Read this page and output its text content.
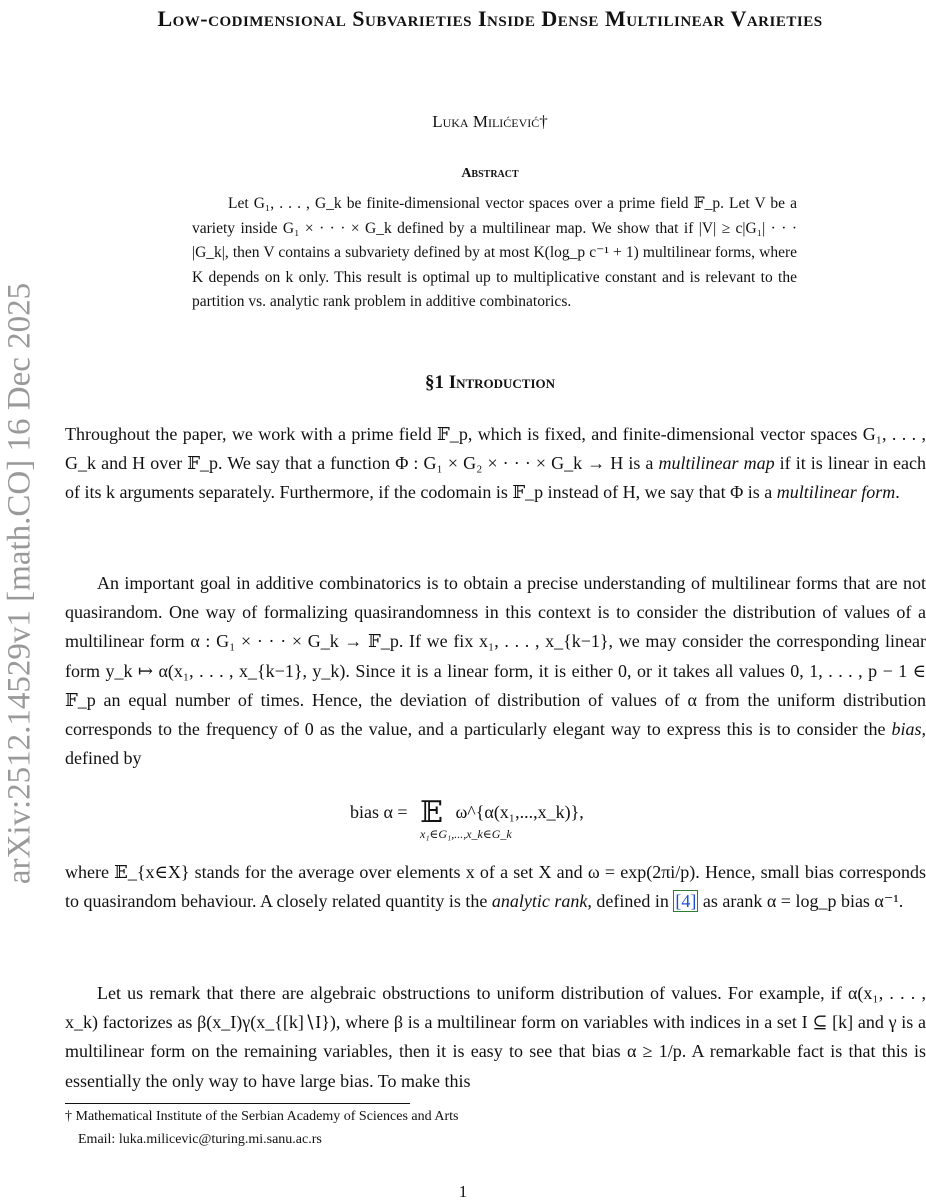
arXiv:2512.14529v1 [math.CO] 16 Dec 2025
Low-codimensional Subvarieties Inside Dense Multilinear Varieties
Luka Milićević†
Abstract

Let G₁, . . . , G_k be finite-dimensional vector spaces over a prime field 𝔽_p. Let V be a variety inside G₁ × · · · × G_k defined by a multilinear map. We show that if |V| ≥ c|G₁| · · · |G_k|, then V contains a subvariety defined by at most K(log_p c⁻¹ + 1) multilinear forms, where K depends on k only. This result is optimal up to multiplicative constant and is relevant to the partition vs. analytic rank problem in additive combinatorics.

§1 Introduction

Throughout the paper, we work with a prime field 𝔽_p, which is fixed, and finite-dimensional vector spaces G₁, . . . , G_k and H over 𝔽_p. We say that a function Φ : G₁ × G₂ × · · · × G_k → H is a multilinear map if it is linear in each of its k arguments separately. Furthermore, if the codomain is 𝔽_p instead of H, we say that Φ is a multilinear form.

An important goal in additive combinatorics is to obtain a precise understanding of multilinear forms that are not quasirandom. One way of formalizing quasirandomness in this context is to consider the distribution of values of a multilinear form α : G₁ × · · · × G_k → 𝔽_p. If we fix x₁, . . . , x_{k−1}, we may consider the corresponding linear form y_k ↦ α(x₁, . . . , x_{k−1}, y_k). Since it is a linear form, it is either 0, or it takes all values 0, 1, . . . , p − 1 ∈ 𝔽_p an equal number of times. Hence, the deviation of distribution of values of α from the uniform distribution corresponds to the frequency of 0 as the value, and a particularly elegant way to express this is to consider the bias, defined by

bias α = 𝔼 ω^{α(x₁,...,x_k)},
x₁∈G₁,...,x_k∈G_k

where 𝔼_{x∈X} stands for the average over elements x of a set X and ω = exp(2πi/p). Hence, small bias corresponds to quasirandom behaviour. A closely related quantity is the analytic rank, defined in [4] as arank α = log_p bias α⁻¹.

Let us remark that there are algebraic obstructions to uniform distribution of values. For example, if α(x₁, . . . , x_k) factorizes as β(x_I)γ(x_{[k]∖I}), where β is a multilinear form on variables with indices in a set I ⊆ [k] and γ is a multilinear form on the remaining variables, then it is easy to see that bias α ≥ 1/p. A remarkable fact is that this is essentially the only way to have large bias. To make this

† Mathematical Institute of the Serbian Academy of Sciences and Arts
Email: luka.milicevic@turing.mi.sanu.ac.rs
1
